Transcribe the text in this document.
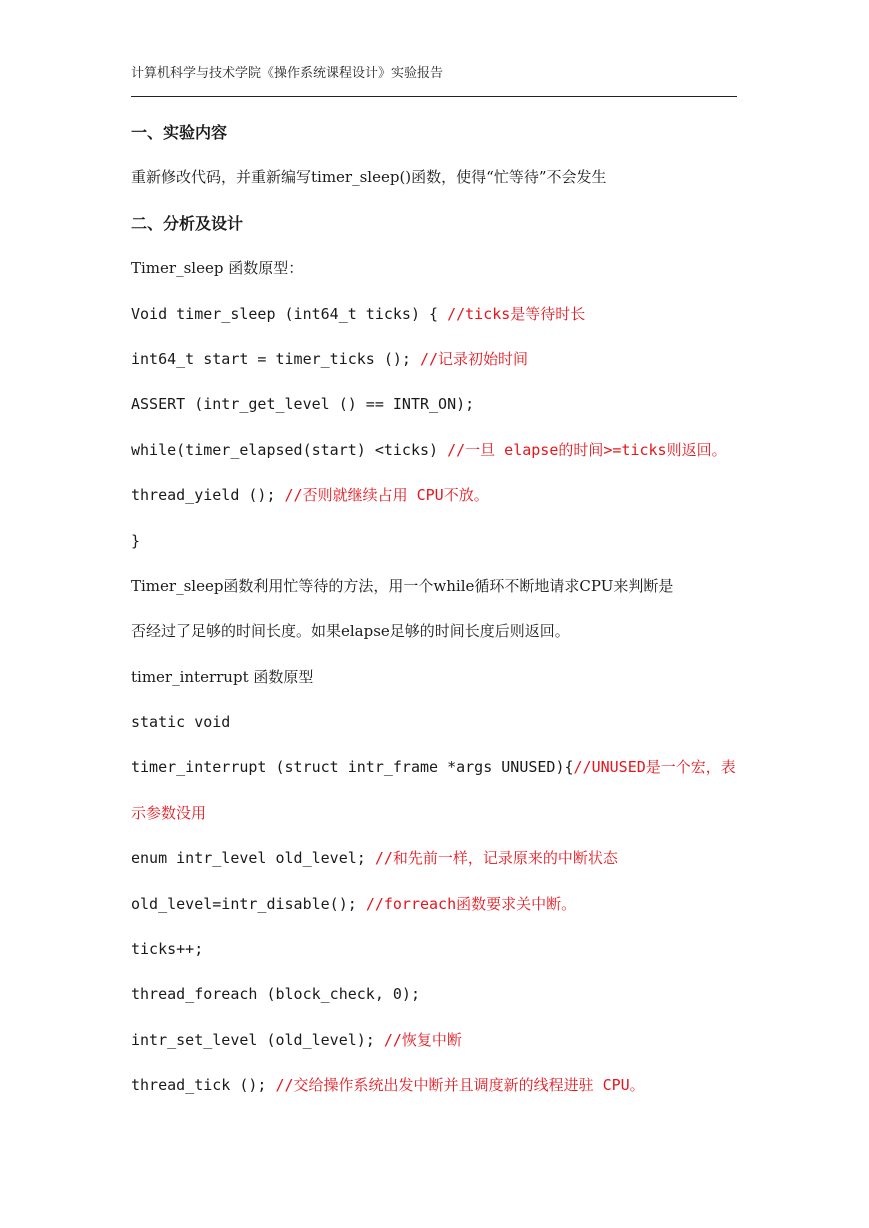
计算机科学与技术学院《操作系统课程设计》实验报告
一、实验内容
重新修改代码，并重新编写timer_sleep()函数，使得“忙等待”不会发生
二、分析及设计
Timer_sleep 函数原型：
Void timer_sleep (int64_t ticks) { //ticks是等待时长
int64_t start = timer_ticks (); //记录初始时间
ASSERT (intr_get_level () == INTR_ON);
while(timer_elapsed(start) <ticks) //一旦 elapse的时间>=ticks则返回。
thread_yield (); //否则就继续占用 CPU不放。
}
Timer_sleep函数利用忙等待的方法，用一个while循环不断地请求CPU来判断是
否经过了足够的时间长度。如果elapse足够的时间长度后则返回。
timer_interrupt 函数原型
static void
timer_interrupt (struct intr_frame *args UNUSED){//UNUSED是一个宏，表
示参数没用
enum intr_level old_level; //和先前一样，记录原来的中断状态
old_level=intr_disable(); //forreach函数要求关中断。
ticks++;
thread_foreach (block_check, 0);
intr_set_level (old_level); //恢复中断
thread_tick (); //交给操作系统出发中断并且调度新的线程进驻 CPU。
